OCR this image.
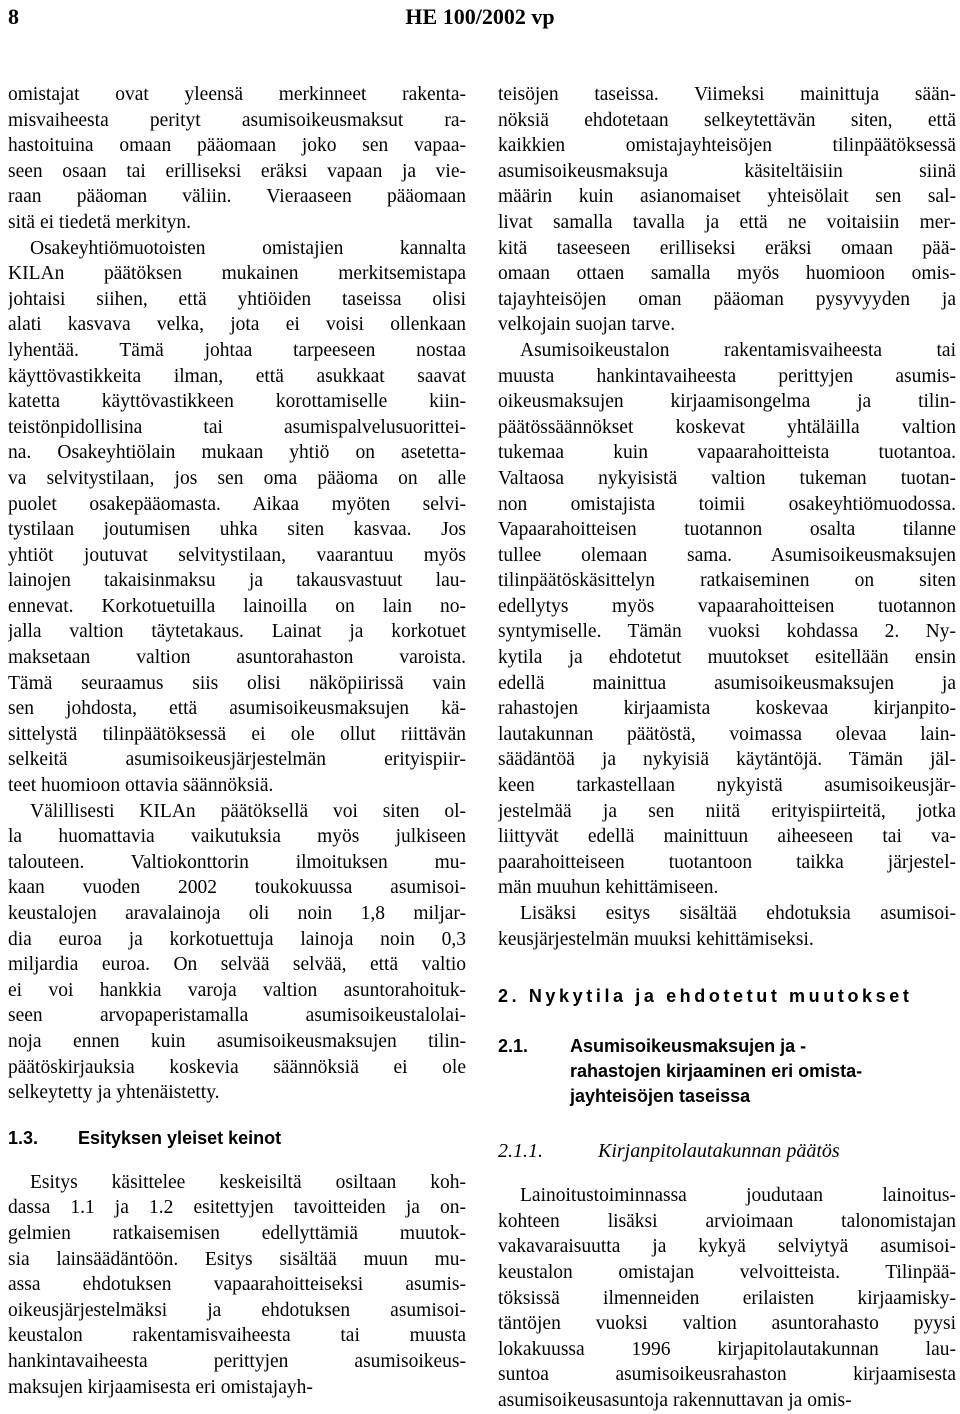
8	HE 100/2002 vp
omistajat ovat yleensä merkinneet rakenta-
misvaiheesta perityt asumisoikeusmaksut ra-
hastoituina omaan pääomaan joko sen vapaa-
seen osaan tai erilliseksi eräksi vapaan ja vie-
raan pääoman väliin. Vieraaseen pääomaan
sitä ei tiedetä merkityn.
Osakeyhtiömuotoisten omistajien kannalta
KILAn päätöksen mukainen merkitsemistapa
johtaisi siihen, että yhtiöiden taseissa olisi
alati kasvava velka, jota ei voisi ollenkaan
lyhentää. Tämä johtaa tarpeeseen nostaa
käyttövastikkeita ilman, että asukkaat saavat
katetta käyttövastikkeen korottamiselle kiin-
teistönpidollisina tai asumispalvelusuoritteі-
na. Osakeyhtiölain mukaan yhtiö on asetetta-
va selvitystilaan, jos sen oma pääoma on alle
puolet osakepääomasta. Aikaa myöten selvi-
tystilaan joutumisen uhka siten kasvaa. Jos
yhtiöt joutuvat selvitystilaan, vaarantuu myös
lainojen takaisinmaksu ja takausvastuut lau-
ennevat. Korkotuetuilla lainoilla on lain no-
jalla valtion täytetakaus. Lainat ja korkotuet
maksetaan valtion asuntorahaston varoista.
Tämä seuraamus siis olisi näköpiirissä vain
sen johdosta, että asumisoikeusmaksujen kä-
sittelystä tilinpäätöksessä ei ole ollut riittävän
selkeitä asumisoikeusjärjestelmän erityispiir-
teet huomioon ottavia säännöksiä.
Välillisesti KILAn päätöksellä voi siten ol-
la huomattavia vaikutuksia myös julkiseen
talouteen. Valtiokonttorin ilmoituksen mu-
kaan vuoden 2002 toukokuussa asumisoi-
keustalojen aravalainoja oli noin 1,8 miljar-
dia euroa ja korkotuettuja lainoja noin 0,3
miljardia euroa. On selvää selvää, että valtio
ei voi hankkia varoja valtion asuntorahoituk-
seen arvopaperistamalla asumisoikeustalolai-
noja ennen kuin asumisoikeusmaksujen tilin-
päätöskirjauksia koskevia säännöksiä ei ole
selkeytetty ja yhtenäistetty.
1.3.	Esityksen yleiset keinot
Esitys käsittelee keskeisiltä osiltaan koh-
dassa 1.1 ja 1.2 esitettyjen tavoitteiden ja on-
gelmien ratkaisemisen edellyttämiä muutok-
sia lainsäädäntöön. Esitys sisältää muun mu-
assa ehdotuksen vapaarahoitteiseksi asumis-
oikeusjärjestelmäksi ja ehdotuksen asumisoi-
keustalon rakentamisvaiheesta tai muusta
hankintavaiheesta perittyjen asumisoikeus-
maksujen kirjaamisesta eri omistajayh-
teisöjen taseissa. Viimeksi mainittuja sään-
nöksiä ehdotetaan selkeytettävän siten, että
kaikkien omistajayhteisöjen tilinpäätöksessä
asumisoikeusmaksuja käsiteltäisiin siinä
määrin kuin asianomaiset yhteisölait sen sal-
livat samalla tavalla ja että ne voitaisiin mer-
kitä taseeseen erilliseksi eräksi omaan pää-
omaan ottaen samalla myös huomioon omis-
tajayhteisöjen oman pääoman pysyvyyden ja
velkojain suojan tarve.
Asumisoikeustalon rakentamisvaiheesta tai
muusta hankintavaiheesta perittyjen asumis-
oikeusmaksujen kirjaamisongelma ja tilin-
päätössäännökset koskevat yhtäläilla valtion
tukemaa kuin vapaarahoitteista tuotantoa.
Valtaosa nykyisistä valtion tukeman tuotan-
non omistajista toimii osakeyhtiömuodossa.
Vapaarahoitteisen tuotannon osalta tilanne
tullee olemaan sama. Asumisoikeusmaksujen
tilinpäätöskäsittelyn ratkaiseminen on siten
edellytys myös vapaarahoitteisen tuotannon
syntymiselle. Tämän vuoksi kohdassa 2. Ny-
kytila ja ehdotetut muutokset esitellään ensin
edellä mainittua asumisoikeusmaksujen ja
rahastojen kirjaamista koskevaa kirjanpito-
lautakunnan päätöstä, voimassa olevaa lain-
säädäntöä ja nykyisiä käytäntöjä. Tämän jäl-
keen tarkastellaan nykyistä asumisoikeusjär-
jestelmää ja sen niitä erityispiirteitä, jotka
liittyvät edellä mainittuun aiheeseen tai va-
paarahoitteiseen tuotantoon taikka järjestel-
män muuhun kehittämiseen.
Lisäksi esitys sisältää ehdotuksia asumisoi-
keusjärjestelmän muuksi kehittämiseksi.
2. Nykytila ja ehdotetut muutokset
2.1.	Asumisoikeusmaksujen ja -
rahastojen kirjaaminen eri omista-
jayhteisöjen taseissa
2.1.1.	Kirjanpitolautakunnan päätös
Lainoitustoiminnassa joudutaan lainoitus-
kohteen lisäksi arvioimaan talonomistajan
vakavaraisuutta ja kykyä selviytyä asumisoi-
keustalon omistajan velvoitteista. Tilinpää-
töksissä ilmenneiden erilaisten kirjaamisky-
täntöjen vuoksi valtion asuntorahasto pyysi
lokakuussa 1996 kirjapitolautakunnan lau-
suntoa asumisoikeusrahaston kirjaamisesta
asumisoikeusasuntoja rakennuttavan ja omis-
